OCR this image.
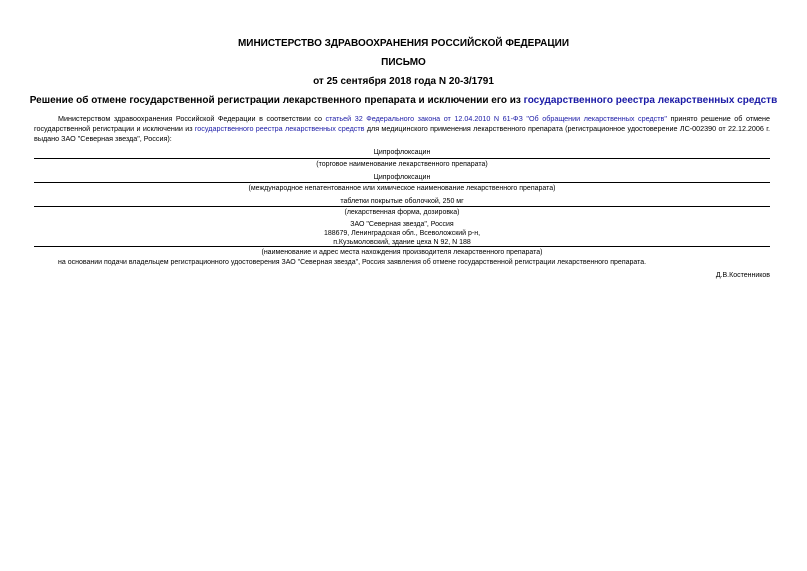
МИНИСТЕРСТВО ЗДРАВООХРАНЕНИЯ РОССИЙСКОЙ ФЕДЕРАЦИИ
ПИСЬМО
от 25 сентября 2018 года N 20-3/1791
Решение об отмене государственной регистрации лекарственного препарата и исключении его из государственного реестра лекарственных средств
Министерством здравоохранения Российской Федерации в соответствии со статьей 32 Федерального закона от 12.04.2010 N 61-ФЗ "Об обращении лекарственных средств" принято решение об отмене государственной регистрации и исключении из государственного реестра лекарственных средств для медицинского применения лекарственного препарата (регистрационное удостоверение ЛС-002390 от 22.12.2006 г. выдано ЗАО "Северная звезда", Россия):
Ципрофлоксацин
(торговое наименование лекарственного препарата)
Ципрофлоксацин
(международное непатентованное или химическое наименование лекарственного препарата)
таблетки покрытые оболочкой, 250 мг
(лекарственная форма, дозировка)
ЗАО "Северная звезда", Россия
188679, Ленинградская обл., Всеволожский р-н,
п.Кузьмоловский, здание цеха N 92, N 188
(наименование и адрес места нахождения производителя лекарственного препарата)
на основании подачи владельцем регистрационного удостоверения ЗАО "Северная звезда", Россия заявления об отмене государственной регистрации лекарственного препарата.
Д.В.Костенников
